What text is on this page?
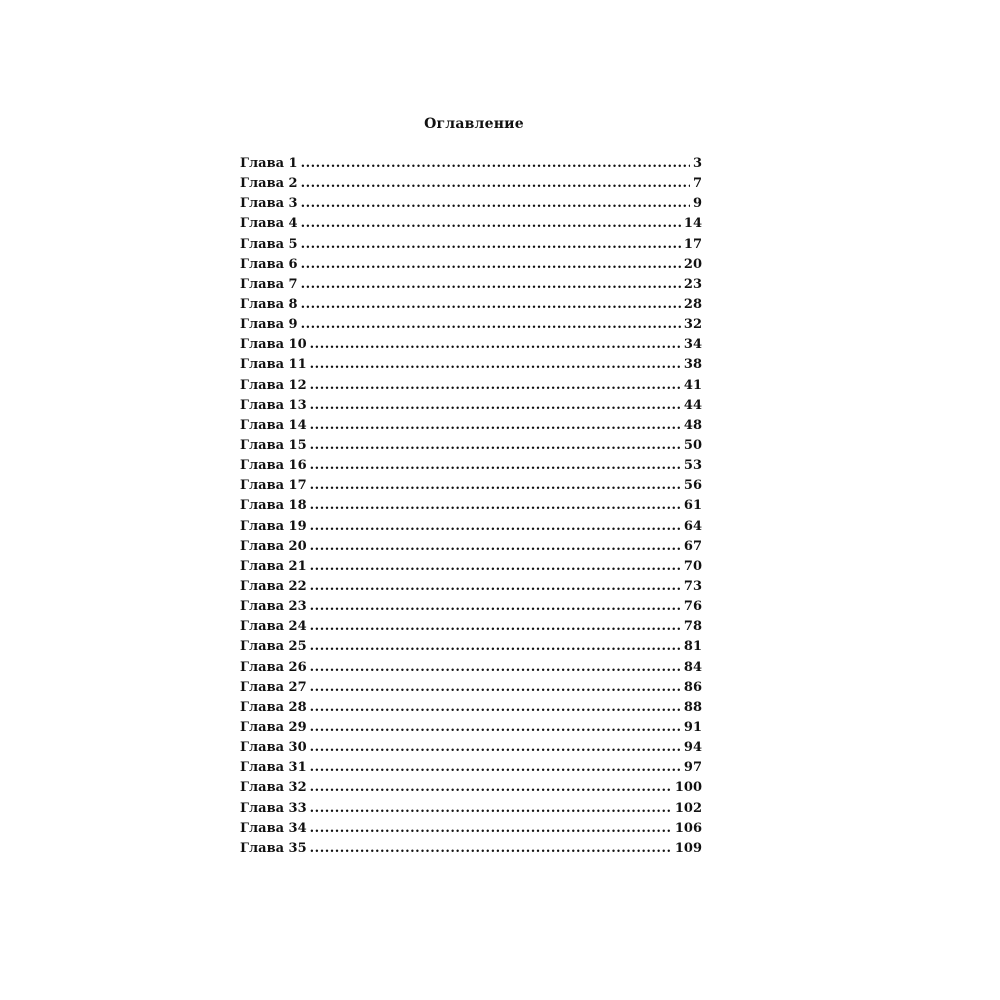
Оглавление
Глава 1 .....	3
Глава 2 .....	7
Глава 3 .....	9
Глава 4 .....	14
Глава 5 .....	17
Глава 6 .....	20
Глава 7 .....	23
Глава 8 .....	28
Глава 9 .....	32
Глава 10 .....	34
Глава 11 .....	38
Глава 12 .....	41
Глава 13 .....	44
Глава 14 .....	48
Глава 15 .....	50
Глава 16 .....	53
Глава 17 .....	56
Глава 18 .....	61
Глава 19 .....	64
Глава 20 .....	67
Глава 21 .....	70
Глава 22 .....	73
Глава 23 .....	76
Глава 24 .....	78
Глава 25 .....	81
Глава 26 .....	84
Глава 27 .....	86
Глава 28 .....	88
Глава 29 .....	91
Глава 30 .....	94
Глава 31 .....	97
Глава 32 .....	100
Глава 33 .....	102
Глава 34 .....	106
Глава 35 .....	109
